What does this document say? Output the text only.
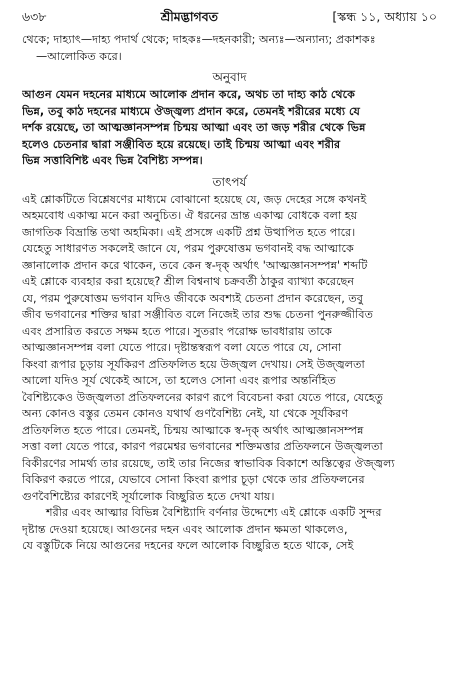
৬৩৮	শ্রীমদ্ভাগবত	[স্কন্ধ ১১, অধ্যায় ১০
থেকে; দাহ্যাৎ—দাহ্য পদার্থ থেকে; দাহকঃ—দহনকারী; অন্যঃ—অন্যান্য; প্রকাশকঃ
—আলোকিত করে।
অনুবাদ
আগুন যেমন দহনের মাধ্যমে আলোক প্রদান করে, অথচ তা দাহ্য কাঠ থেকে
ভিন্ন, তবু কাঠ দহনের মাধ্যমে ঔজ্জ্বল্য প্রদান করে, তেমনই শরীরের মধ্যে যে
দর্শক রয়েছে, তা আত্মজ্ঞানসম্পন্ন চিন্ময় আত্মা এবং তা জড় শরীর থেকে ভিন্ন
হলেও চেতনার দ্বারা সঞ্জীবিত হয়ে রয়েছে। তাই চিন্ময় আত্মা এবং শরীর
ভিন্ন সত্তাবিশিষ্ট এবং ভিন্ন বৈশিষ্ট্য সম্পন্ন।
তাৎপর্য
এই শ্লোকটিতে বিশ্লেষণের মাধ্যমে বোঝানো হয়েছে যে, জড় দেহের সঙ্গে কখনই
অহমবোধ একাত্ম মনে করা অনুচিত। ঐ ধরনের ভ্রান্ত একাত্ম বোধকে বলা হয়
জাগতিক বিভ্রান্তি তথা অহমিকা। এই প্রসঙ্গে একটি প্রশ্ন উত্থাপিত হতে পারে।
যেহেতু সাধারণত সকলেই জানে যে, পরম পুরুষোত্তম ভগবানই বদ্ধ আত্মাকে
জ্ঞানালোক প্রদান করে থাকেন, তবে কেন স্ব-দৃক্ অর্থাৎ 'আত্মজ্ঞানসম্পন্ন' শব্দটি
এই শ্লোকে ব্যবহার করা হয়েছে? শ্রীল বিশ্বনাথ চক্রবর্তী ঠাকুর ব্যাখ্যা করেছেন
যে, পরম পুরুষোত্তম ভগবান যদিও জীবকে অবশ্যই চেতনা প্রদান করেছেন, তবু
জীব ভগবানের শক্তির দ্বারা সঞ্জীবিত বলে নিজেই তার শুদ্ধ চেতনা পুনরুজ্জীবিত
এবং প্রসারিত করতে সক্ষম হতে পারে। সুতরাং পরোক্ষ ভাবধারায় তাকে
আত্মজ্ঞানসম্পন্ন বলা যেতে পারে। দৃষ্টান্তস্বরূপ বলা যেতে পারে যে, সোনা
কিংবা রূপার চূড়ায় সূর্যকিরণ প্রতিফলিত হয়ে উজ্জ্বল দেখায়। সেই উজ্জ্বলতা
আলো যদিও সূর্য থেকেই আসে, তা হলেও সোনা এবং রূপার অন্তর্নিহিত
বৈশিষ্ট্যকেও উজ্জ্বলতা প্রতিফলনের কারণ রূপে বিবেচনা করা যেতে পারে, যেহেতু
অন্য কোনও বস্তুর তেমন কোনও যথার্থ গুণবৈশিষ্ট্য নেই, যা থেকে সূর্যকিরণ
প্রতিফলিত হতে পারে। তেমনই, চিন্ময় আত্মাকে স্ব-দৃক্ অর্থাৎ আত্মজ্ঞানসম্পন্ন
সত্তা বলা যেতে পারে, কারণ পরমেশ্বর ভগবানের শক্তিমত্তার প্রতিফলনে উজ্জ্বলতা
বিকীরণের সামর্থ্য তার রয়েছে, তাই তার নিজের স্বাভাবিক বিকাশে অস্তিত্বের ঔজ্জ্বল্য
বিকিরণ করতে পারে, যেভাবে সোনা কিংবা রূপার চূড়া থেকে তার প্রতিফলনের
গুণবৈশিষ্ট্যের কারণেই সূর্যালোক বিচ্ছুরিত হতে দেখা যায়।
শরীর এবং আত্মার বিভিন্ন বৈশিষ্ট্যাদি বর্ণনার উদ্দেশ্যে এই শ্লোকে একটি সুন্দর
দৃষ্টান্ত দেওয়া হয়েছে। আগুনের দহন এবং আলোক প্রদান ক্ষমতা থাকলেও,
যে বস্তুটিকে নিয়ে আগুনের দহনের ফলে আলোক বিচ্ছুরিত হতে থাকে, সেই
